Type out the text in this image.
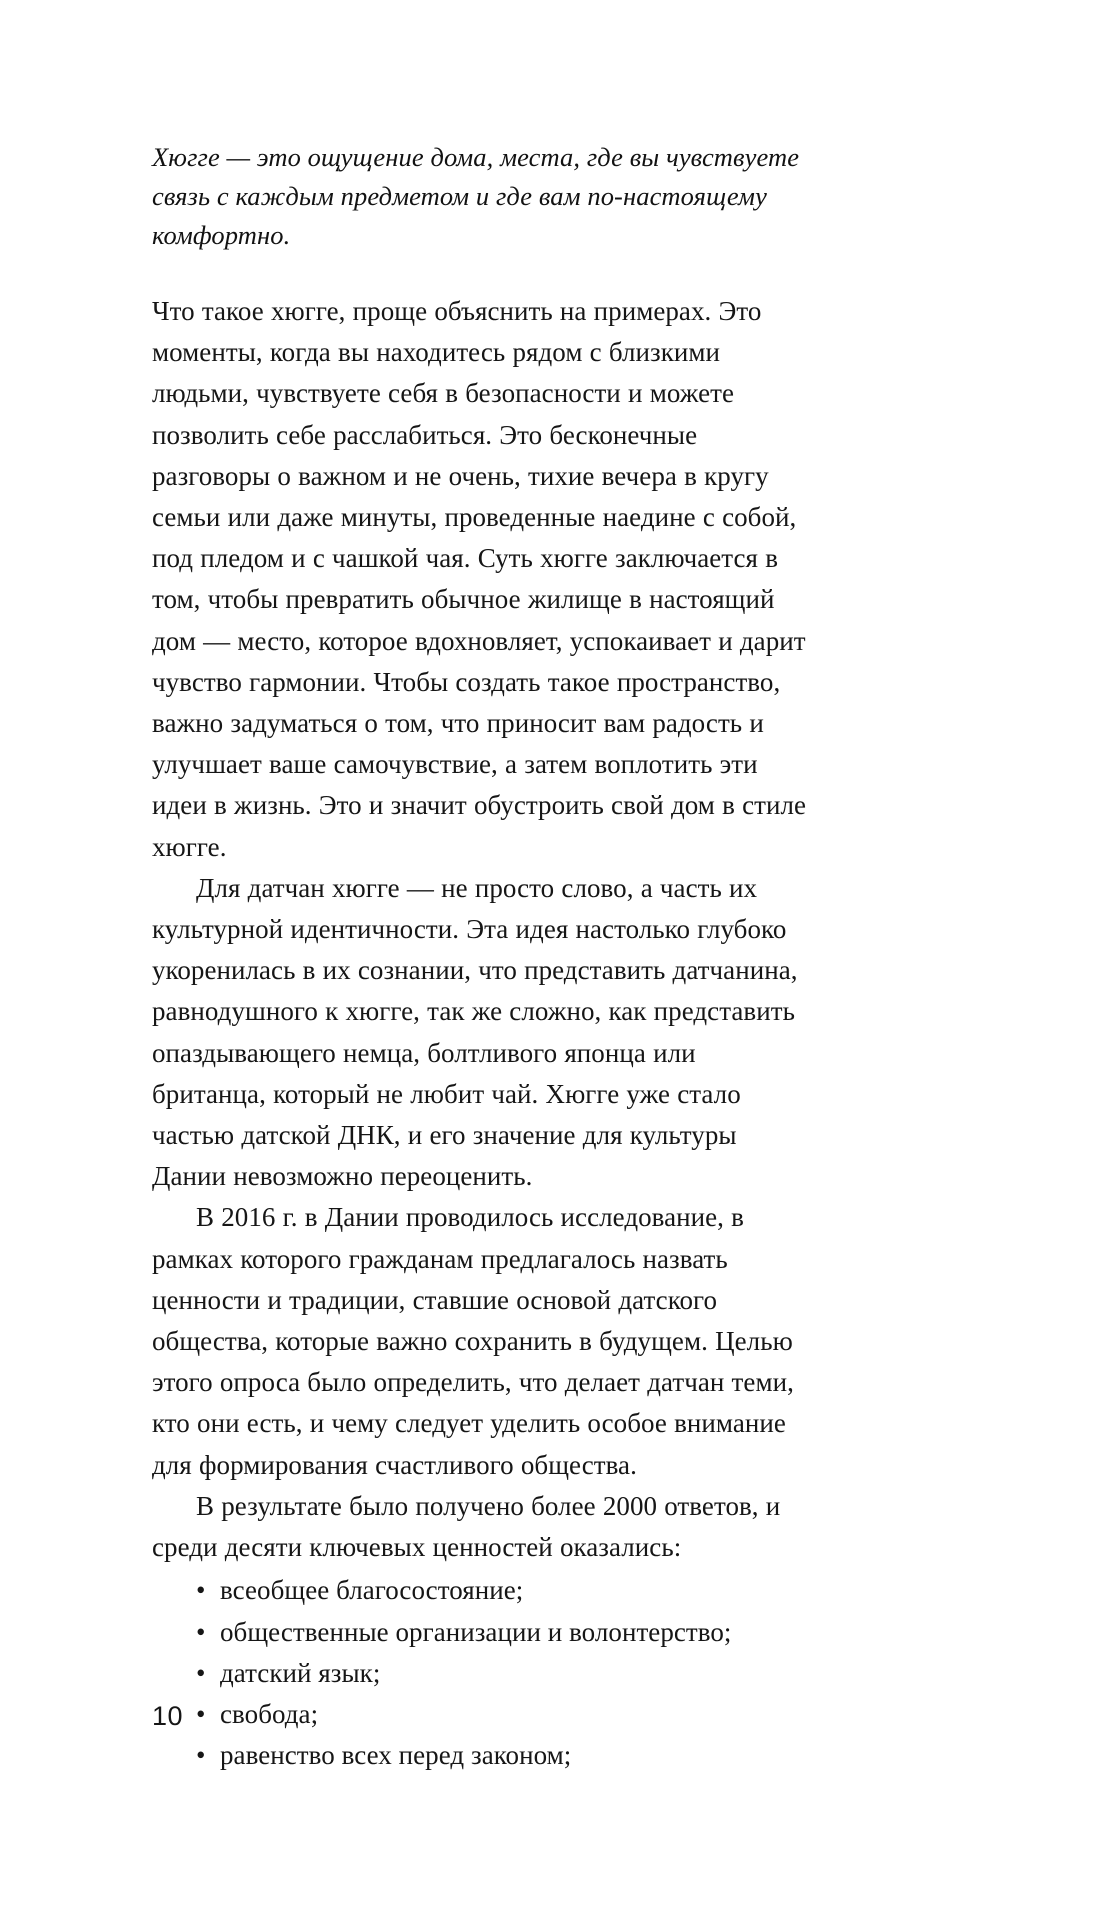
Хюгге — это ощущение дома, места, где вы чувствуете связь с каждым предметом и где вам по-настоящему комфортно.

Что такое хюгге, проще объяснить на примерах. Это моменты, когда вы находитесь рядом с близкими людьми, чувствуете себя в безопасности и можете позволить себе расслабиться. Это бесконечные разговоры о важном и не очень, тихие вечера в кругу семьи или даже минуты, проведенные наедине с собой, под пледом и с чашкой чая. Суть хюгге заключается в том, чтобы превратить обычное жилище в настоящий дом — место, которое вдохновляет, успокаивает и дарит чувство гармонии. Чтобы создать такое пространство, важно задуматься о том, что приносит вам радость и улучшает ваше самочувствие, а затем воплотить эти идеи в жизнь. Это и значит обустроить свой дом в стиле хюгге.

Для датчан хюгге — не просто слово, а часть их культурной идентичности. Эта идея настолько глубоко укоренилась в их сознании, что представить датчанина, равнодушного к хюгге, так же сложно, как представить опаздывающего немца, болтливого японца или британца, который не любит чай. Хюгге уже стало частью датской ДНК, и его значение для культуры Дании невозможно переоценить.

В 2016 г. в Дании проводилось исследование, в рамках которого гражданам предлагалось назвать ценности и традиции, ставшие основой датского общества, которые важно сохранить в будущем. Целью этого опроса было определить, что делает датчан теми, кто они есть, и чему следует уделить особое внимание для формирования счастливого общества.

В результате было получено более 2000 ответов, и среди десяти ключевых ценностей оказались:

• всеобщее благосостояние;
• общественные организации и волонтерство;
• датский язык;
• свобода;
• равенство всех перед законом;
10
